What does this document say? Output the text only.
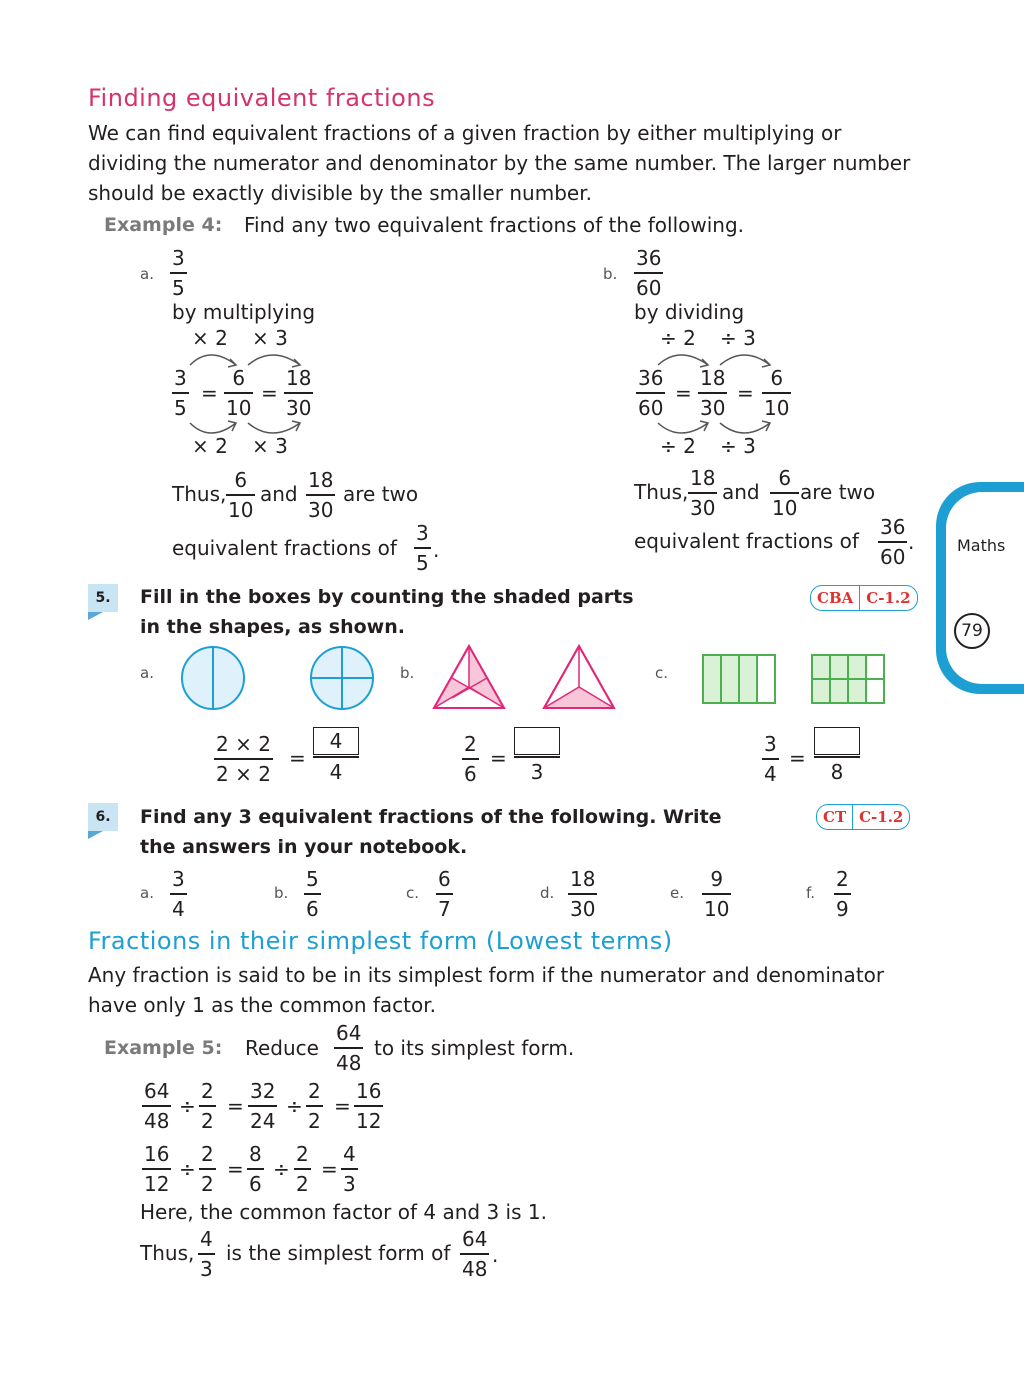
Finding equivalent fractions
We can find equivalent fractions of a given fraction by either multiplying or dividing the numerator and denominator by the same number. The larger number should be exactly divisible by the smaller number.
Example 4: Find any two equivalent fractions of the following.
a.
3
5
by multiplying
× 2 × 3
3
5
=
6
10
=
18
30
× 2 × 3
Thus,
6
10
and
18
30
are two
equivalent fractions of
3
5
.
b.
36
60
by dividing
÷ 2 ÷ 3
36
60
=
18
30
=
6
10
÷ 2 ÷ 3
Thus,
18
30
and
6
10
are two
equivalent fractions of
36
60
.	Maths
79
5.	Fill in the boxes by counting the shaded parts in the shapes, as shown.
CBA C-1.2
a.	b.	c.
2 × 2
2 × 2
= $\frac{4}{4}$	2
6
=
3
3
4
=
8
6.	Find any 3 equivalent fractions of the following. Write the answers in your notebook.
CT C-1.2
a.
3
4
b.
5
6
c.
6
7
d.
18
30
e.
9
10
f.
2
9
Fractions in their simplest form (Lowest terms)
Any fraction is said to be in its simplest form if the numerator and denominator have only 1 as the common factor.
Example 5: Reduce
64
48
to its simplest form.
64
48
÷
2
2
=
32
24
÷
2
2
=
16
12
16
12
÷
2
2
=
8
6
÷
2
2
=
4
3
Here, the common factor of 4 and 3 is 1.
Thus,
4
3
is the simplest form of
64
48
.
